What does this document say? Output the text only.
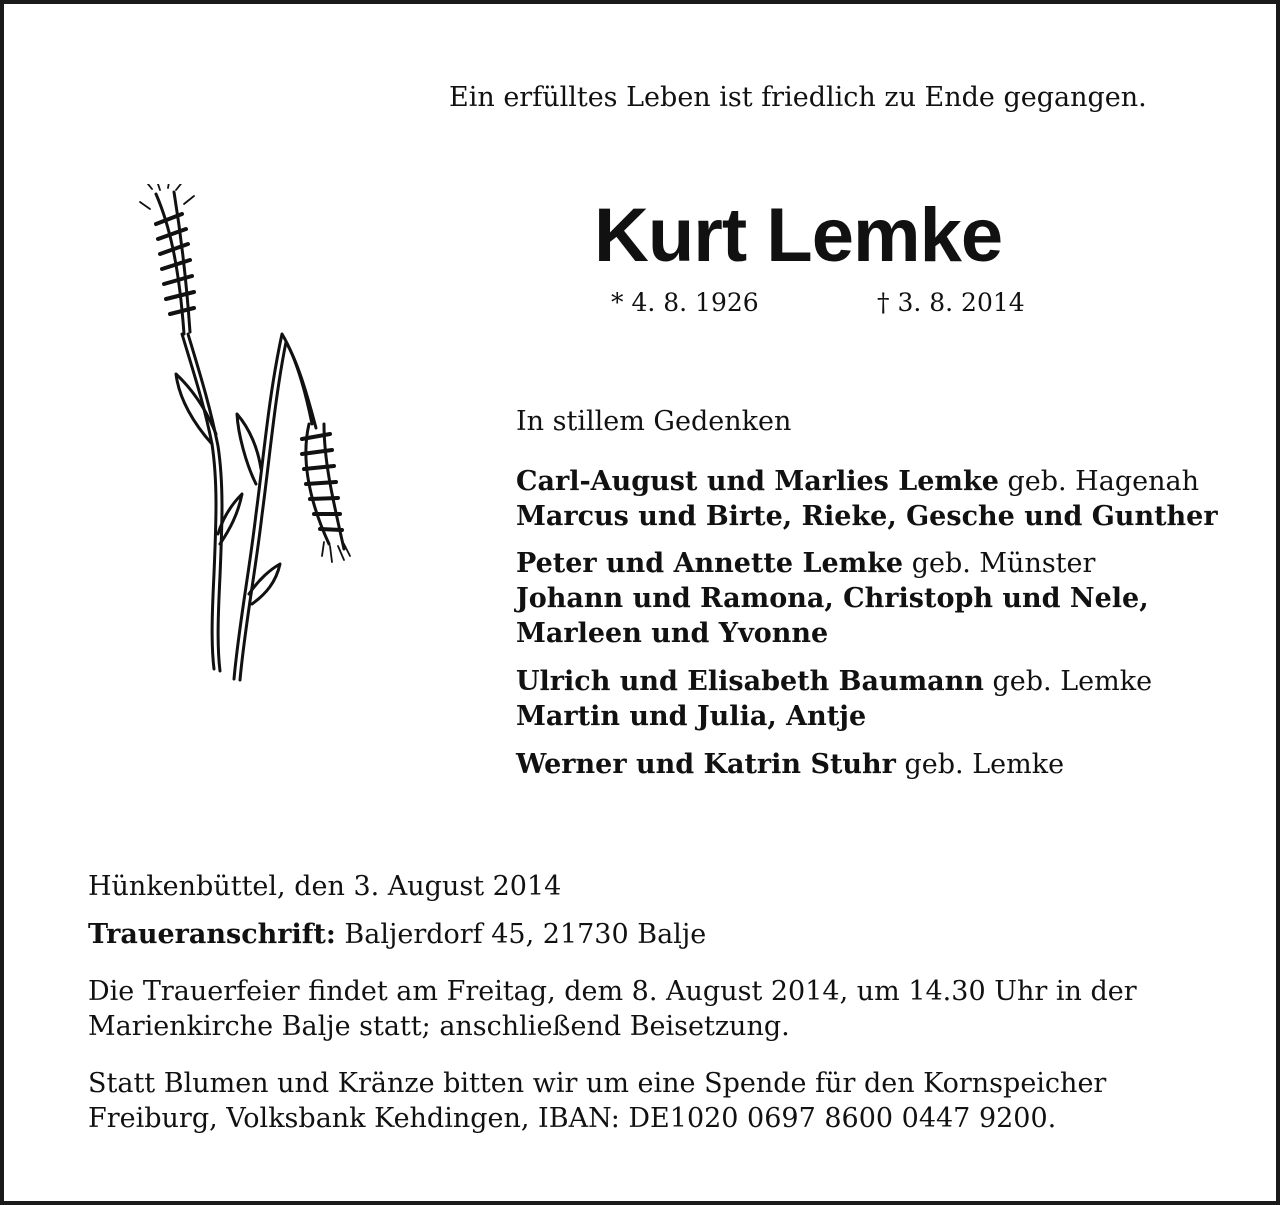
Ein erfülltes Leben ist friedlich zu Ende gegangen.
Kurt Lemke
* 4. 8. 1926	† 3. 8. 2014
In stillem Gedenken
Carl-August und Marlies Lemke geb. Hagenah
Marcus und Birte, Rieke, Gesche und Gunther
Peter und Annette Lemke geb. Münster
Johann und Ramona, Christoph und Nele,
Marleen und Yvonne
Ulrich und Elisabeth Baumann geb. Lemke
Martin und Julia, Antje
Werner und Katrin Stuhr geb. Lemke
Hünkenbüttel, den 3. August 2014
Traueranschrift: Baljerdorf 45, 21730 Balje
Die Trauerfeier findet am Freitag, dem 8. August 2014, um 14.30 Uhr in der
Marienkirche Balje statt; anschließend Beisetzung.
Statt Blumen und Kränze bitten wir um eine Spende für den Kornspeicher
Freiburg, Volksbank Kehdingen, IBAN: DE1020 0697 8600 0447 9200.
